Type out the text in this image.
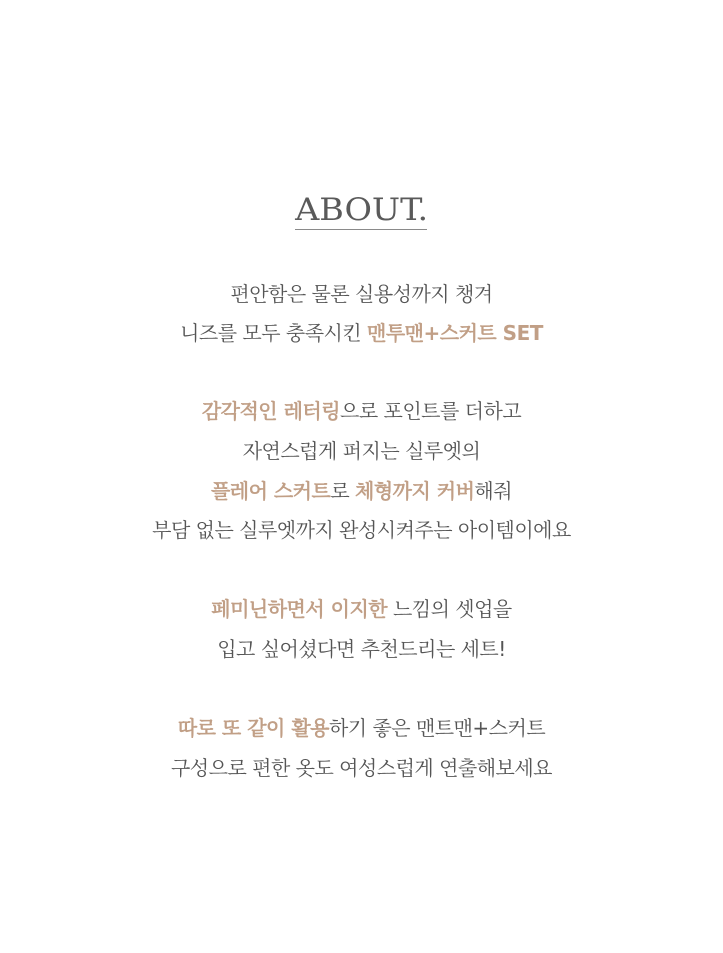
ABOUT.
편안함은 물론 실용성까지 챙겨
니즈를 모두 충족시킨 맨투맨+스커트 SET
감각적인 레터링으로 포인트를 더하고
자연스럽게 퍼지는 실루엣의
플레어 스커트로 체형까지 커버해줘
부담 없는 실루엣까지 완성시켜주는 아이템이에요
페미닌하면서 이지한 느낌의 셋업을
입고 싶어셨다면 추천드리는 세트!
따로 또 같이 활용하기 좋은 맨트맨+스커트
구성으로 편한 옷도 여성스럽게 연출해보세요
